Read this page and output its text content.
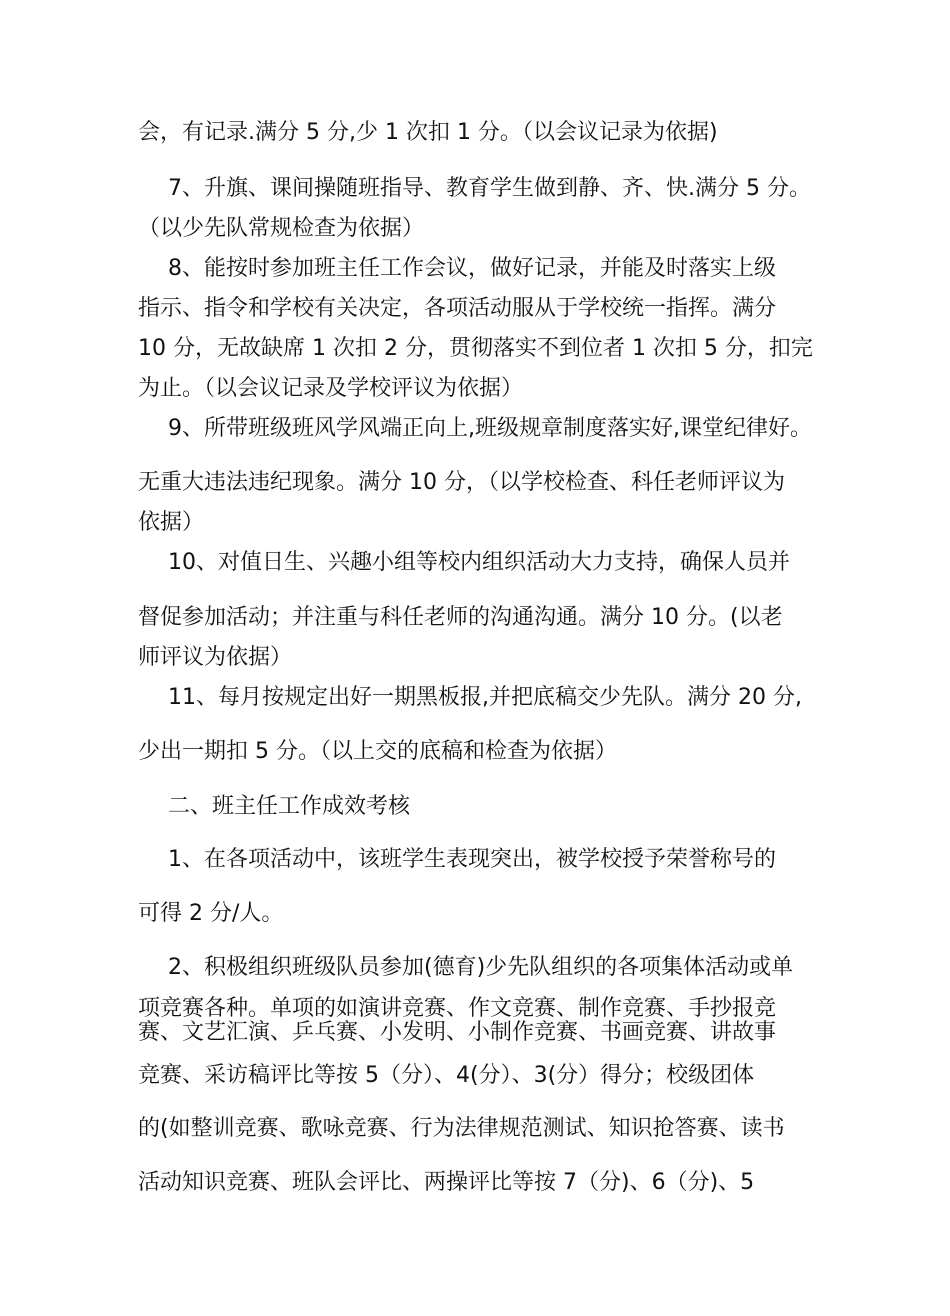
会，有记录.满分 5 分,少 1 次扣 1 分。（以会议记录为依据)
7、升旗、课间操随班指导、教育学生做到静、齐、快.满分 5 分。
（以少先队常规检查为依据）
8、能按时参加班主任工作会议，做好记录，并能及时落实上级
指示、指令和学校有关决定，各项活动服从于学校统一指挥。满分
10 分，无故缺席 1 次扣 2 分，贯彻落实不到位者 1 次扣 5 分，扣完
为止。（以会议记录及学校评议为依据）
9、所带班级班风学风端正向上,班级规章制度落实好,课堂纪律好。
无重大违法违纪现象。满分 10 分，（以学校检查、科任老师评议为
依据）
10、对值日生、兴趣小组等校内组织活动大力支持，确保人员并
督促参加活动；并注重与科任老师的沟通沟通。满分 10 分。(以老
师评议为依据）
11、每月按规定出好一期黑板报,并把底稿交少先队。满分 20 分,
少出一期扣 5 分。（以上交的底稿和检查为依据）
二、班主任工作成效考核
1、在各项活动中，该班学生表现突出，被学校授予荣誉称号的
可得 2 分/人。
2、积极组织班级队员参加(德育)少先队组织的各项集体活动或单
项竞赛各种。单项的如演讲竞赛、作文竞赛、制作竞赛、手抄报竞
赛、文艺汇演、乒乓赛、小发明、小制作竞赛、书画竞赛、讲故事
竞赛、采访稿评比等按 5（分）、4(分）、3(分）得分；校级团体
的(如整训竞赛、歌咏竞赛、行为法律规范测试、知识抢答赛、读书
活动知识竞赛、班队会评比、两操评比等按 7（分)、6（分)、5
